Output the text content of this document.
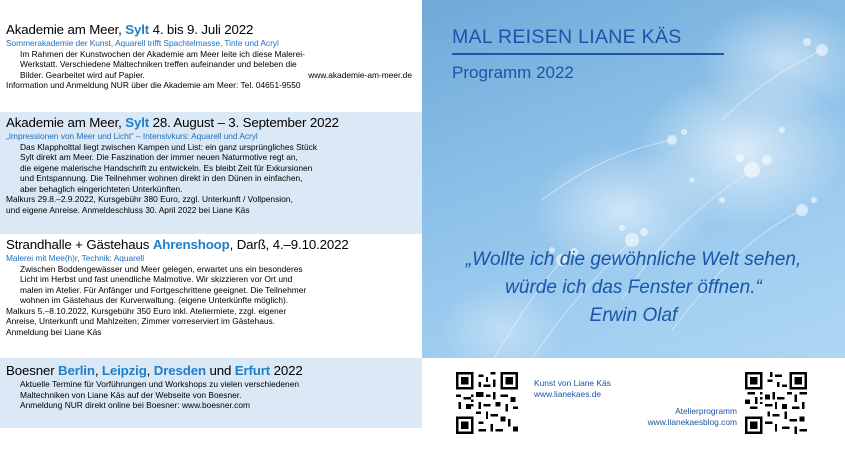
Akademie am Meer, Sylt 4. bis 9. Juli 2022
Sommerakademie der Kunst, Aquarell trifft Spachtelmasse, Tinte und Acryl

Im Rahmen der Kunstwochen der Akademie am Meer leite ich diese Malerei-

Werkstatt. Verschiedene Maltechniken treffen aufeinander und beleben die

Bilder. Gearbeitet wird auf Papier.	www.akademie-am-meer.de

Information und Anmeldung NUR über die Akademie am Meer: Tel. 04651-9550

Akademie am Meer, Sylt 28. August – 3. September 2022
„Impressionen von Meer und Licht“ – Intensivkurs: Aquarell und Acryl

Das Klappholttal liegt zwischen Kampen und List: ein ganz ursprüngliches Stück

Sylt direkt am Meer. Die Faszination der immer neuen Naturmotive regt an,

die eigene malerische Handschrift zu entwickeln. Es bleibt Zeit für Exkursionen

und Entspannung. Die Teilnehmer wohnen direkt in den Dünen in einfachen,

aber behaglich eingerichteten Unterkünften.

Malkurs 29.8.–2.9.2022, Kursgebühr 380 Euro, zzgl. Unterkunft / Vollpension,

und eigene Anreise. Anmeldeschluss 30. April 2022 bei Liane Käs

Strandhalle + Gästehaus Ahrenshoop, Darß, 4.–9.10.2022
Malerei mit Mee(h)r, Technik: Aquarell

Zwischen Boddengewässer und Meer gelegen, erwartet uns ein besonderes

Licht im Herbst und fast unendliche Malmotive. Wir skizzieren vor Ort und

malen im Atelier. Für Anfänger und Fortgeschrittene geeignet. Die Teilnehmer

wohnen im Gästehaus der Kurverwaltung. (eigene Unterkünfte möglich).

Malkurs 5.–8.10.2022, Kursgebühr 350 Euro inkl. Ateliermiete, zzgl. eigener

Anreise, Unterkunft und Mahlzeiten; Zimmer vorreserviert im Gästehaus.

Anmeldung bei Liane Käs

Boesner Berlin, Leipzig, Dresden und Erfurt 2022

Aktuelle Termine für Vorführungen und Workshops zu vielen verschiedenen

Maltechniken von Liane Käs auf der Webseite von Boesner.

Anmeldung NUR direkt online bei Boesner: www.boesner.com

MAL REISEN LIANE KÄS
Programm 2022
„Wollte ich die gewöhnliche Welt sehen,
würde ich das Fenster öffnen.“
Erwin Olaf
Kunst von Liane Käs
www.lianekaes.de
Atelierprogramm
www.lianekaesblog.com
